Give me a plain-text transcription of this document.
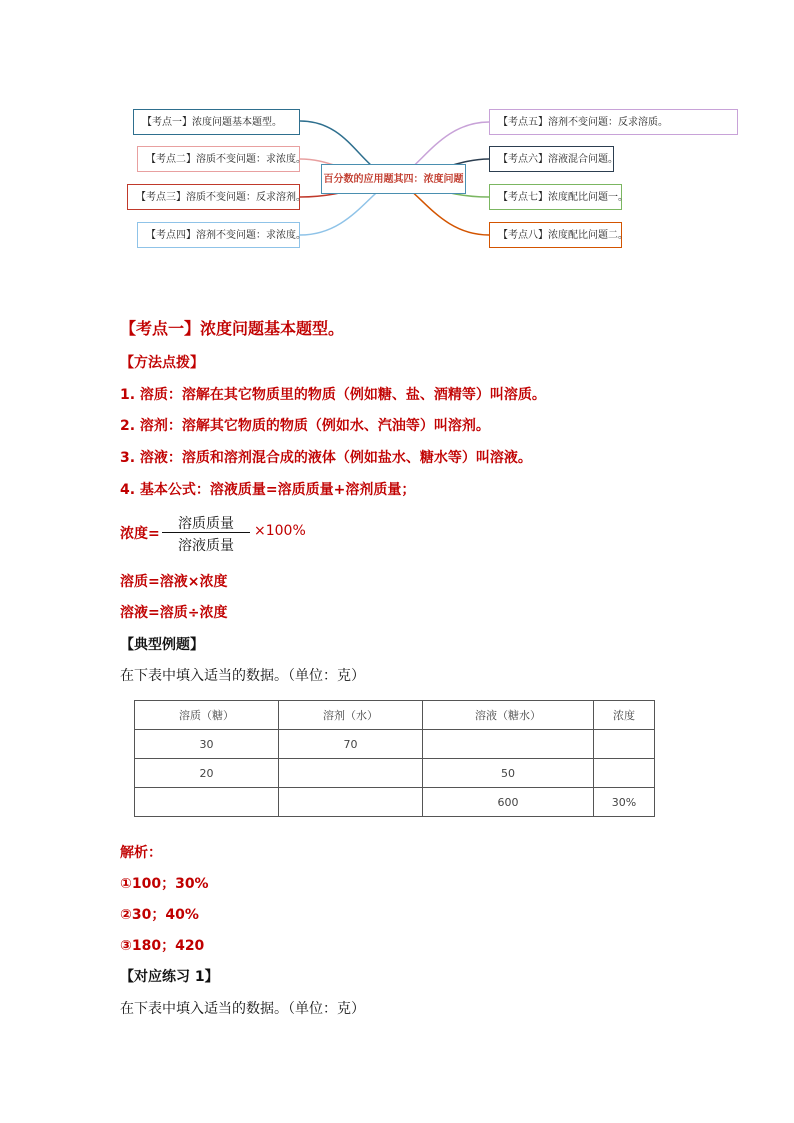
【考点一】浓度问题基本题型。
【考点二】溶质不变问题：求浓度。
【考点三】溶质不变问题：反求溶剂。
【考点四】溶剂不变问题：求浓度。
百分数的应用题其四：浓度问题
【考点五】溶剂不变问题：反求溶质。
【考点六】溶液混合问题。
【考点七】浓度配比问题一。
【考点八】浓度配比问题二。
【考点一】浓度问题基本题型。
【方法点拨】
1. 溶质：溶解在其它物质里的物质（例如糖、盐、酒精等）叫溶质。
2. 溶剂：溶解其它物质的物质（例如水、汽油等）叫溶剂。
3. 溶液：溶质和溶剂混合成的液体（例如盐水、糖水等）叫溶液。
4. 基本公式：溶液质量=溶质质量+溶剂质量；
浓度=
溶质质量
溶液质量
×100%
溶质=溶液×浓度
溶液=溶质÷浓度
【典型例题】
在下表中填入适当的数据。（单位：克）
溶质（糖）	溶剂（水）	溶液（糖水）	浓度
30	70		
20		50	
		600	30%
解析：
①100；30%
②30；40%
③180；420
【对应练习 1】
在下表中填入适当的数据。（单位：克）
